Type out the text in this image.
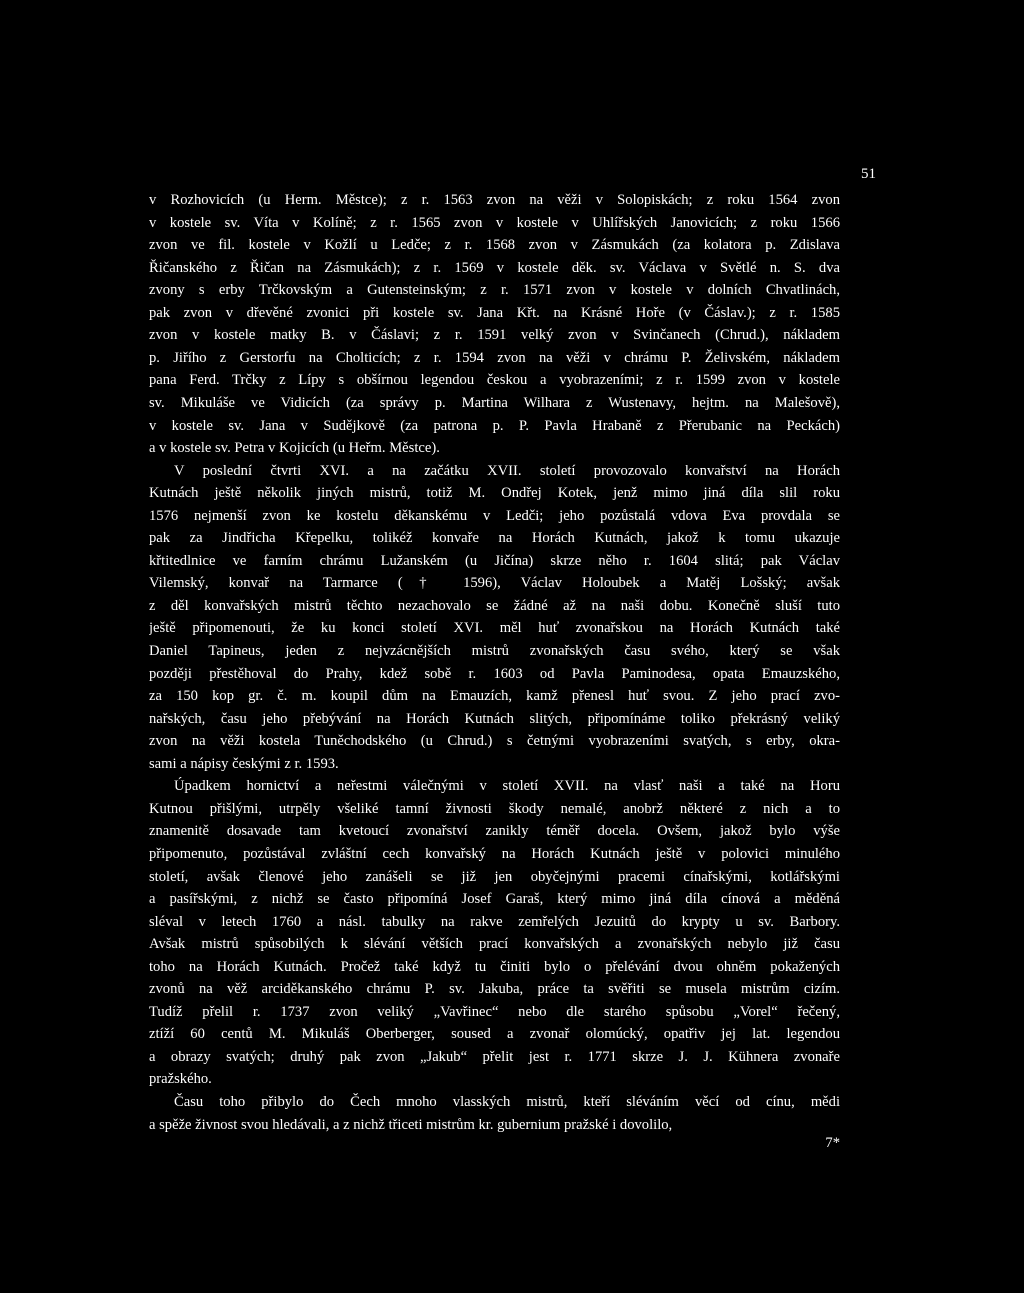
51
v Rozhovicích (u Herm. Městce); z r. 1563 zvon na věži v Solopiskách; z roku 1564 zvon
v kostele sv. Víta v Kolíně; z r. 1565 zvon v kostele v Uhlířských Janovicích; z roku 1566
zvon ve fil. kostele v Kožlí u Ledče; z r. 1568 zvon v Zásmukách (za kolatora p. Zdislava
Řičanského z Řičan na Zásmukách); z r. 1569 v kostele děk. sv. Václava v Světlé n. S. dva
zvony s erby Trčkovským a Gutensteinským; z r. 1571 zvon v kostele v dolních Chvatlinách,
pak zvon v dřevěné zvonici při kostele sv. Jana Křt. na Krásné Hoře (v Čáslav.); z r. 1585
zvon v kostele matky B. v Čáslavi; z r. 1591 velký zvon v Svinčanech (Chrud.), nákladem
p. Jiřího z Gerstorfu na Cholticích; z r. 1594 zvon na věži v chrámu P. Želivském, nákladem
pana Ferd. Trčky z Lípy s obšírnou legendou českou a vyobrazeními; z r. 1599 zvon v kostele
sv. Mikuláše ve Vidicích (za správy p. Martina Wilhara z Wustenavy, hejtm. na Malešově),
v kostele sv. Jana v Sudějkově (za patrona p. P. Pavla Hrabaně z Přerubanic na Peckách)
a v kostele sv. Petra v Kojicích (u Heřm. Městce).
V poslední čtvrti XVI. a na začátku XVII. století provozovalo konvařství na Horách
Kutnách ještě několik jiných mistrů, totiž M. Ondřej Kotek, jenž mimo jiná díla slil roku
1576 nejmenší zvon ke kostelu děkanskému v Ledči; jeho pozůstalá vdova Eva provdala se
pak za Jindřicha Křepelku, tolikéž konvaře na Horách Kutnách, jakož k tomu ukazuje
křtitedlnice ve farním chrámu Lužanském (u Jičína) skrze něho r. 1604 slitá; pak Václav
Vilemský, konvař na Tarmarce († 1596), Václav Holoubek a Matěj Lošský; avšak
z děl konvařských mistrů těchto nezachovalo se žádné až na naši dobu. Konečně sluší tuto
ještě připomenouti, že ku konci století XVI. měl huť zvonařskou na Horách Kutnách také
Daniel Tapineus, jeden z nejvzácnějších mistrů zvonařských času svého, který se však
později přestěhoval do Prahy, kdež sobě r. 1603 od Pavla Paminodesa, opata Emauzského,
za 150 kop gr. č. m. koupil dům na Emauzích, kamž přenesl huť svou. Z jeho prací zvo-
nařských, času jeho přebývání na Horách Kutnách slitých, připomínáme toliko překrásný veliký
zvon na věži kostela Tuněchodského (u Chrud.) s četnými vyobrazeními svatých, s erby, okra-
sami a nápisy českými z r. 1593.
Úpadkem hornictví a neřestmi válečnými v století XVII. na vlasť naši a také na Horu
Kutnou přišlými, utrpěly všeliké tamní živnosti škody nemalé, anobrž některé z nich a to
znamenitě dosavade tam kvetoucí zvonařství zanikly téměř docela. Ovšem, jakož bylo výše
připomenuto, pozůstával zvláštní cech konvařský na Horách Kutnách ještě v polovici minulého
století, avšak členové jeho zanášeli se již jen obyčejnými pracemi cínařskými, kotlářskými
a pasířskými, z nichž se často připomíná Josef Garaš, který mimo jiná díla cínová a měděná
sléval v letech 1760 a násl. tabulky na rakve zemřelých Jezuitů do krypty u sv. Barbory.
Avšak mistrů spůsobilých k slévání větších prací konvařských a zvonařských nebylo již času
toho na Horách Kutnách. Pročež také když tu činiti bylo o přelévání dvou ohněm pokažených
zvonů na věž arciděkanského chrámu P. sv. Jakuba, práce ta svěřiti se musela mistrům cizím.
Tudíž přelil r. 1737 zvon veliký „Vavřinec“ nebo dle starého spůsobu „Vorel“ řečený,
ztíží 60 centů M. Mikuláš Oberberger, soused a zvonař olomúcký, opatřiv jej lat. legendou
a obrazy svatých; druhý pak zvon „Jakub“ přelit jest r. 1771 skrze J. J. Kühnera zvonaře
pražského.
Času toho přibylo do Čech mnoho vlasských mistrů, kteří sléváním věcí od cínu, mědi
a spěže živnost svou hledávali, a z nichž třiceti mistrům kr. gubernium pražské i dovolilo,
7*
